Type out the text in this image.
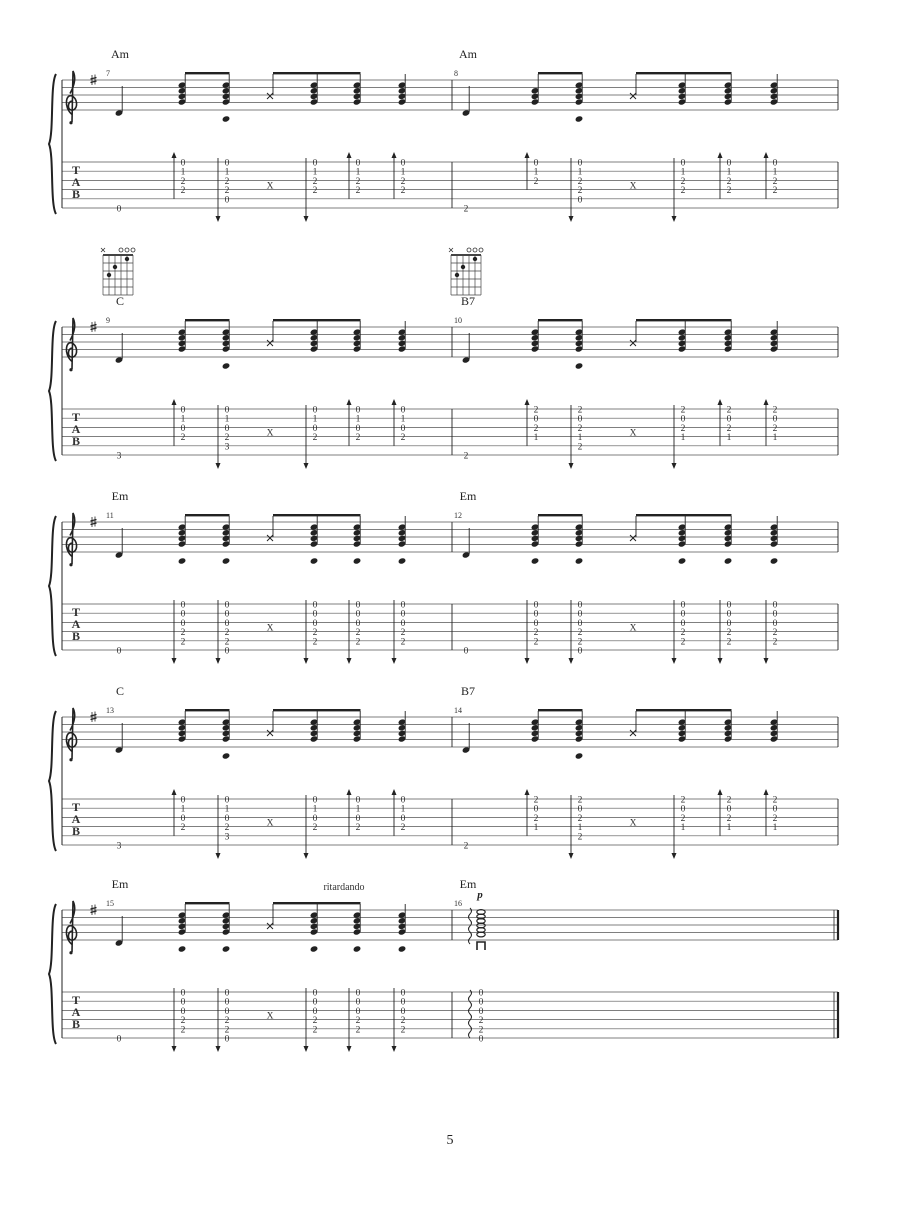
T
A
B
7
Am
0
0
1
2
2
0
1
2
2
0
X
0
1
2
2
0
1
2
2
0
1
2
2
8
Am
2
0
1
2
0
1
2
2
0
X
0
1
2
2
0
1
2
2
0
1
2
2
T
A
B
9
C
3
0
1
0
2
0
1
0
2
3
X
0
1
0
2
0
1
0
2
0
1
0
2
10
B7
2
2
0
2
1
2
0
2
1
2
X
2
0
2
1
2
0
2
1
2
0
2
1
T
A
B
11
Em
0
0
0
0
2
2
0
0
0
2
2
0
X
0
0
0
2
2
0
0
0
2
2
0
0
0
2
2
12
Em
0
0
0
0
2
2
0
0
0
2
2
0
X
0
0
0
2
2
0
0
0
2
2
0
0
0
2
2
T
A
B
13
C
3
0
1
0
2
0
1
0
2
3
X
0
1
0
2
0
1
0
2
0
1
0
2
14
B7
2
2
0
2
1
2
0
2
1
2
X
2
0
2
1
2
0
2
1
2
0
2
1
T
A
B
ritardando
15
Em
0
0
0
0
2
2
0
0
0
2
2
0
X
0
0
0
2
2
0
0
0
2
2
0
0
0
2
2
16
Em
p
0
0
0
2
2
0
5
